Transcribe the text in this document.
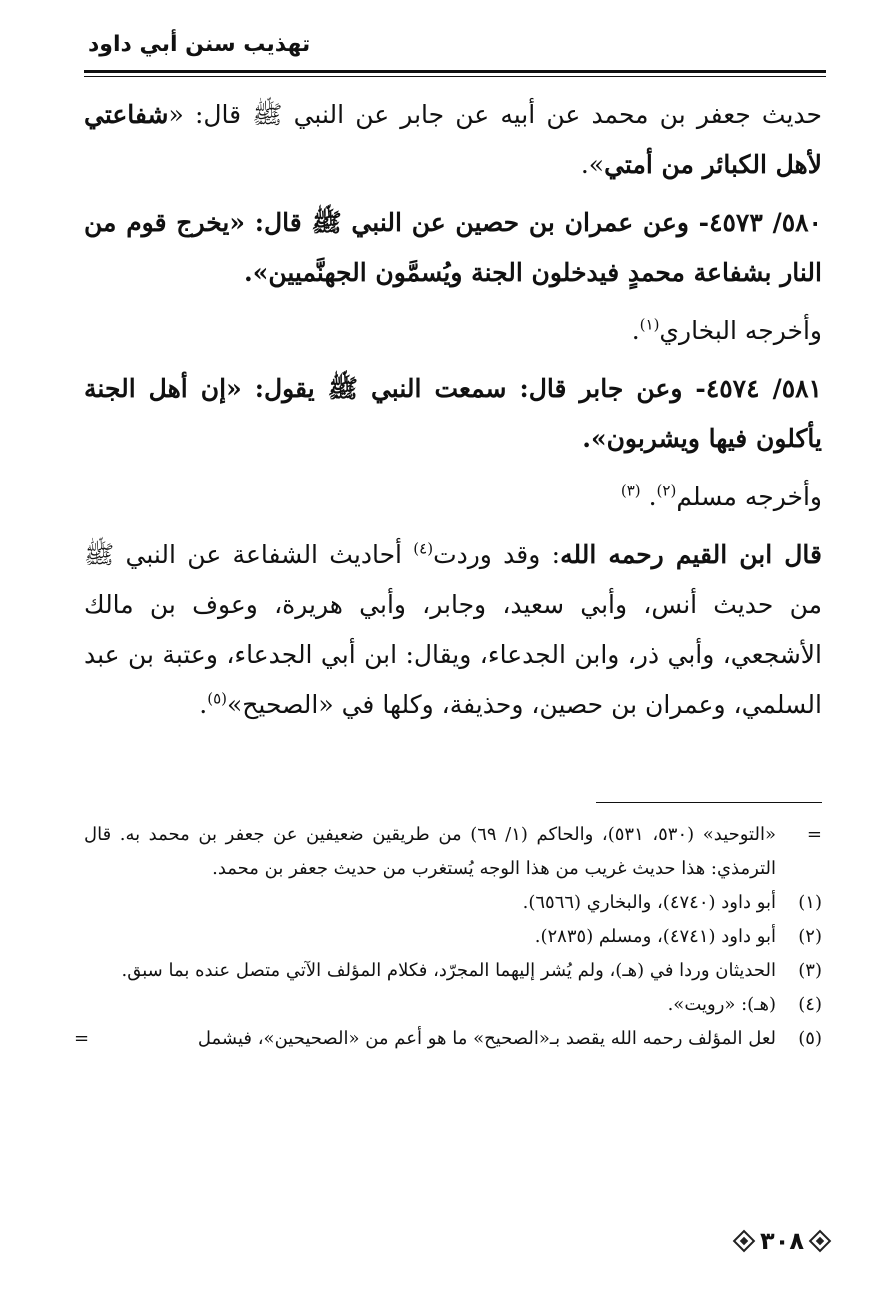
تهذيب سنن أبي داود

حديث جعفر بن محمد عن أبيه عن جابر عن النبي ﷺ قال: «شفاعتي لأهل الكبائر من أمتي».

٥٨٠/ ٤٥٧٣- وعن عمران بن حصين عن النبي ﷺ قال: «يخرج قوم من النار بشفاعة محمدٍ فيدخلون الجنة ويُسمَّون الجهنَّميين».

وأخرجه البخاري$^{(١)}$.

٥٨١/ ٤٥٧٤- وعن جابر قال: سمعت النبي ﷺ يقول: «إن أهل الجنة يأكلون فيها ويشربون».

وأخرجه مسلم$^{(٢)}$. $^{(٣)}$

قال ابن القيم رحمه الله: وقد وردت$^{(٤)}$ أحاديث الشفاعة عن النبي ﷺ من حديث أنس، وأبي سعيد، وجابر، وأبي هريرة، وعوف بن مالك الأشجعي، وأبي ذر، وابن الجدعاء، ويقال: ابن أبي الجدعاء، وعتبة بن عبد السلمي، وعمران بن حصين، وحذيفة، وكلها في «الصحيح»$^{(٥)}$.

=
«التوحيد» (٥٣٠، ٥٣١)، والحاكم (١/ ٦٩) من طريقين ضعيفين عن جعفر بن محمد به. قال الترمذي: هذا حديث غريب من هذا الوجه يُستغرب من حديث جعفر بن محمد.

(١)
أبو داود (٤٧٤٠)، والبخاري (٦٥٦٦).

(٢)
أبو داود (٤٧٤١)، ومسلم (٢٨٣٥).

(٣)
الحديثان وردا في (هـ)، ولم يُشر إليهما المجرّد، فكلام المؤلف الآتي متصل عنده بما سبق.

(٤)
(هـ): «رويت».

(٥)
لعل المؤلف رحمه الله يقصد بـ«الصحيح» ما هو أعم من «الصحيحين»، فيشمل
=

٣٠٨
